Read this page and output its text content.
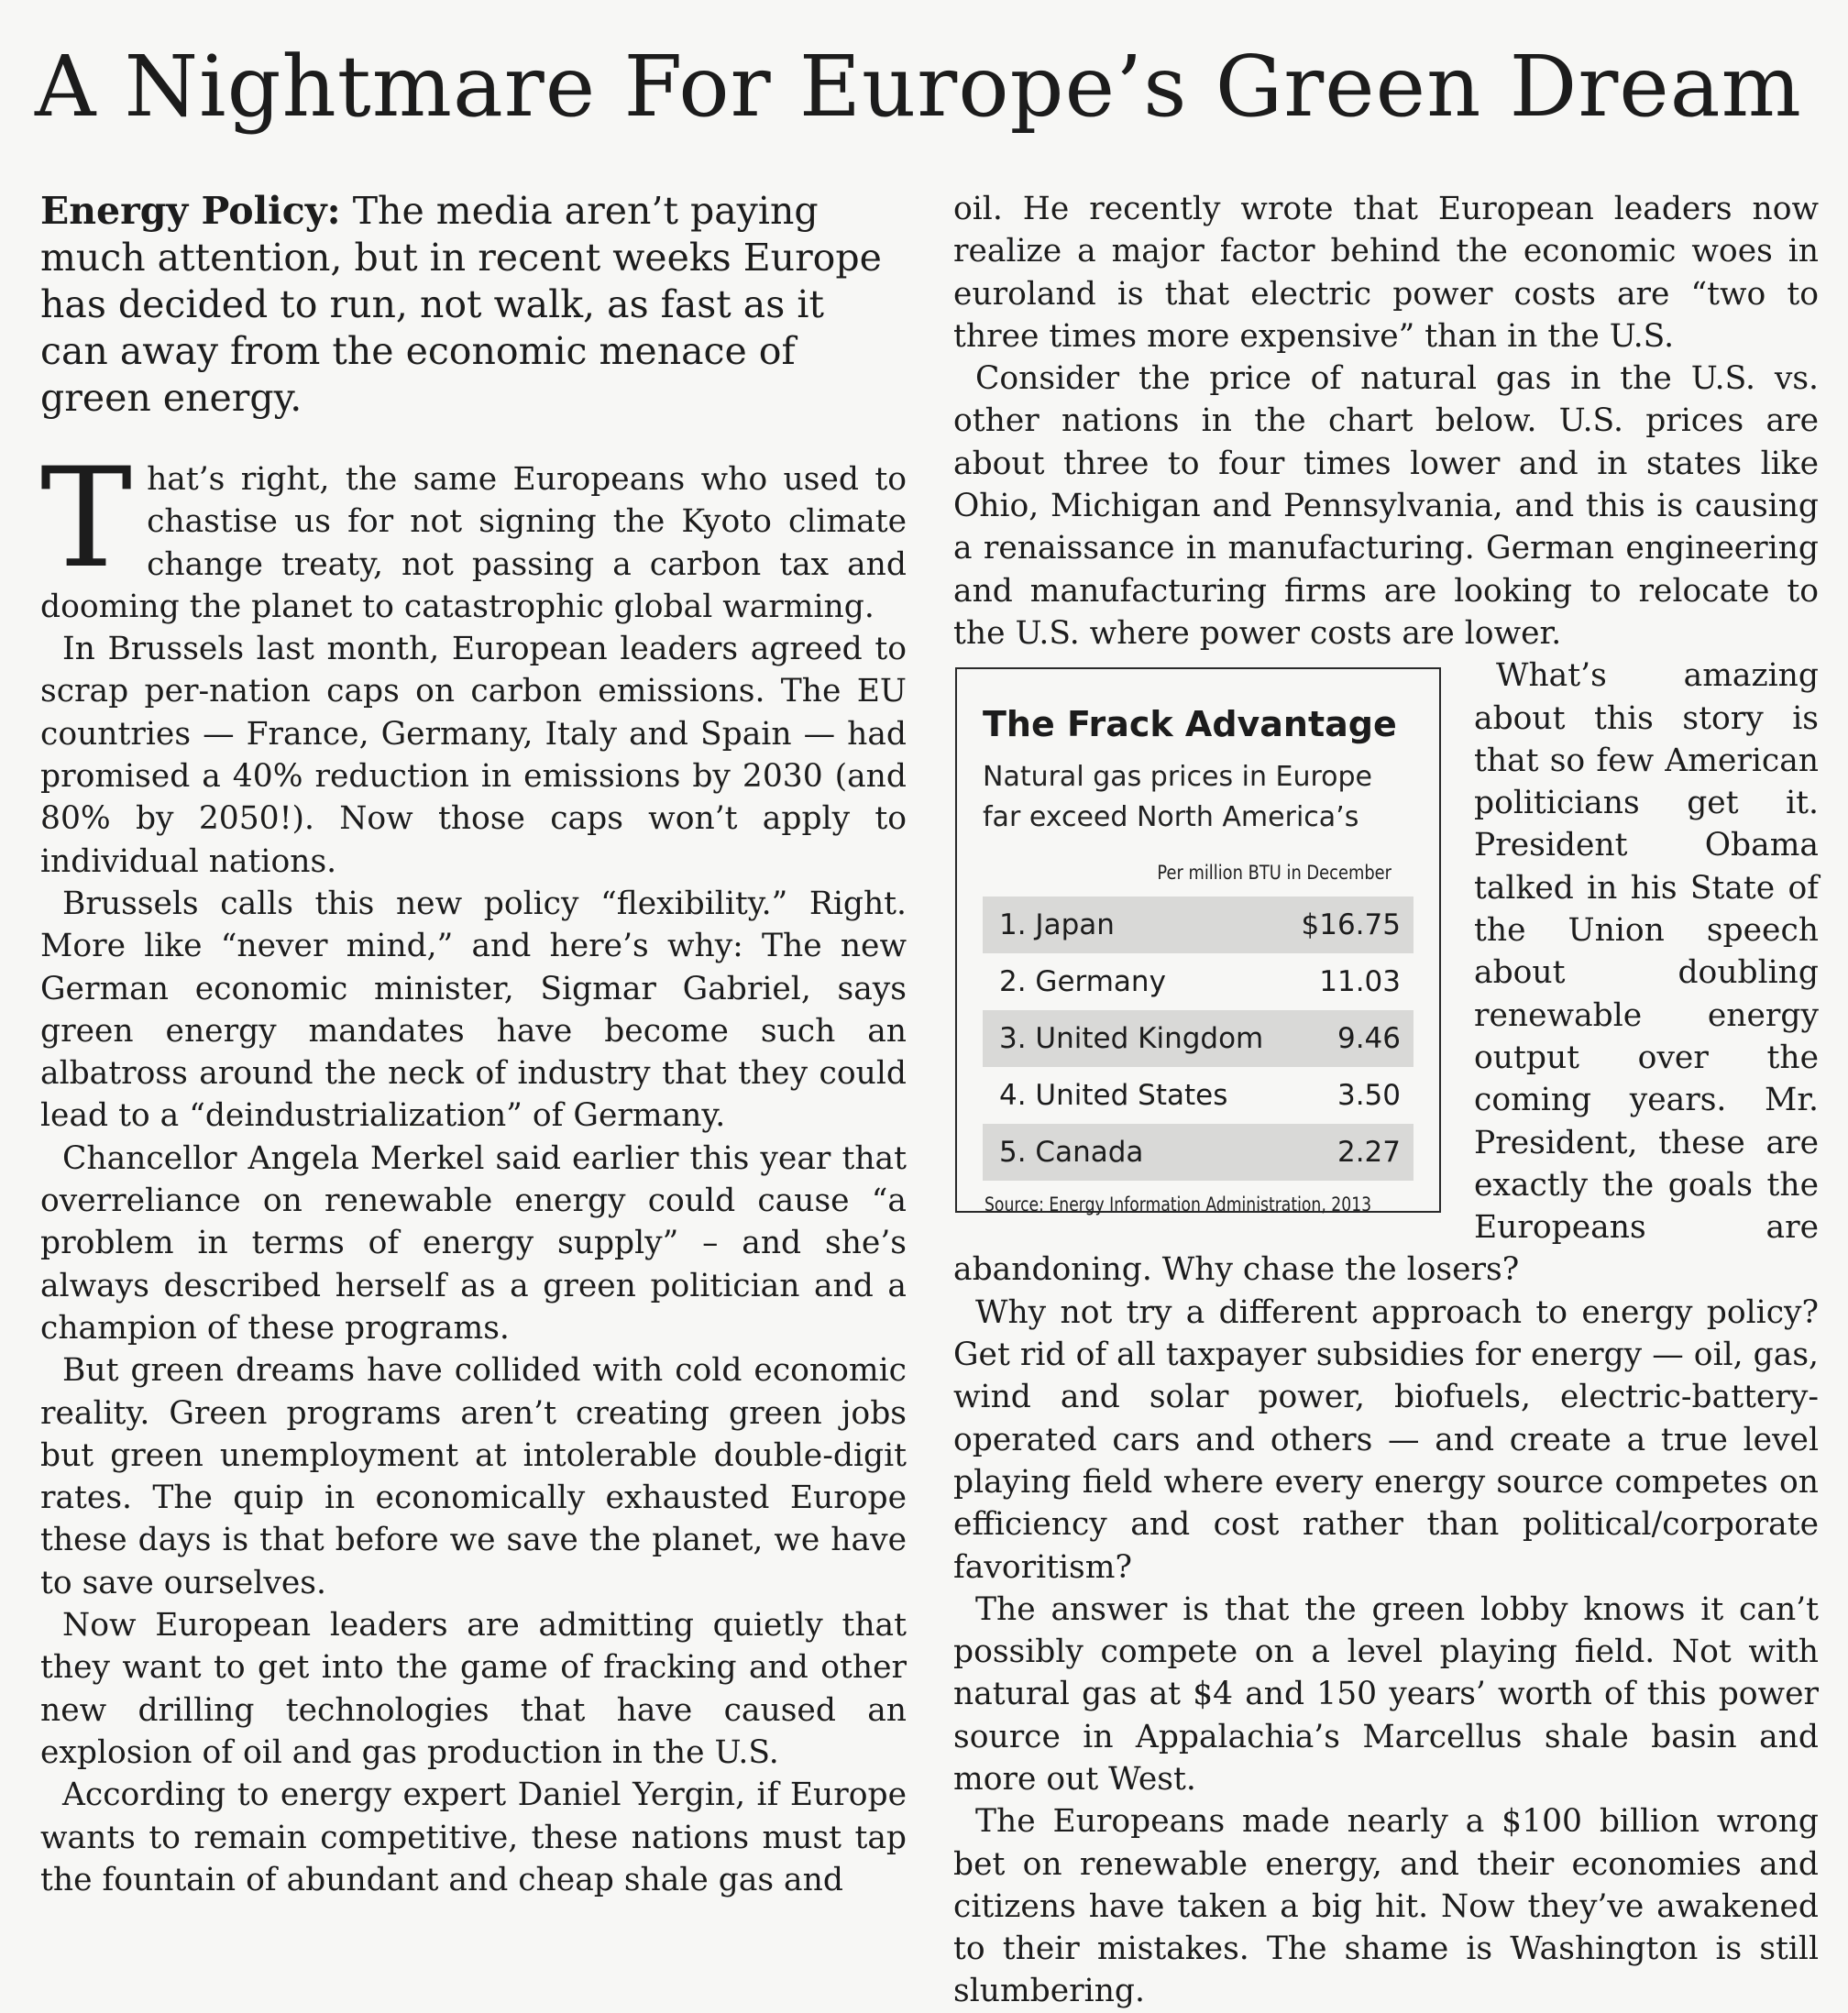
A Nightmare For Europe’s Green Dream
Energy Policy: The media aren’t paying much attention, but in recent weeks Europe has decided to run, not walk, as fast as it can away from the economic menace of green energy.

That’s right, the same Europeans who used to chastise us for not signing the Kyoto climate change treaty, not passing a carbon tax and dooming the planet to catastrophic global warming.

In Brussels last month, European leaders agreed to scrap per-nation caps on carbon emissions. The EU countries — France, Germany, Italy and Spain — had promised a 40% reduction in emissions by 2030 (and 80% by 2050!). Now those caps won’t apply to individual nations.

Brussels calls this new policy “flexibility.” Right. More like “never mind,” and here’s why: The new German economic minister, Sigmar Gabriel, says green energy mandates have become such an albatross around the neck of industry that they could lead to a “deindustrialization” of Germany.

Chancellor Angela Merkel said earlier this year that overreliance on renewable energy could cause “a problem in terms of energy supply” – and she’s always described herself as a green politician and a champion of these programs.

But green dreams have collided with cold economic reality. Green programs aren’t creating green jobs but green unemployment at intolerable double-digit rates. The quip in economically exhausted Europe these days is that before we save the planet, we have to save ourselves.

Now European leaders are admitting quietly that they want to get into the game of fracking and other new drilling technologies that have caused an explosion of oil and gas production in the U.S.

According to energy expert Daniel Yergin, if Europe wants to remain competitive, these nations must tap the fountain of abundant and cheap shale gas and

oil. He recently wrote that European leaders now realize a major factor behind the economic woes in euroland is that electric power costs are “two to three times more expensive” than in the U.S.

Consider the price of natural gas in the U.S. vs. other nations in the chart below. U.S. prices are about three to four times lower and in states like Ohio, Michigan and Pennsylvania, and this is causing a renaissance in manufacturing. German engineering and manufacturing firms are looking to relocate to the U.S. where power costs are lower.

The Frack Advantage
Natural gas prices in Europe
far exceed North America’s
Per million BTU in December
1. Japan	$16.75
2. Germany	11.03
3. United Kingdom	9.46
4. United States	3.50
5. Canada	2.27
Source: Energy Information Administration, 2013

What’s amazing about this story is that so few American politicians get it. President Obama talked in his State of the Union speech about doubling renewable energy output over the coming years. Mr. President, these are exactly the goals the Europeans are abandoning. Why chase the losers?

Why not try a different approach to energy policy? Get rid of all taxpayer subsidies for energy — oil, gas, wind and solar power, biofuels, electric-battery-operated cars and others — and create a true level playing field where every energy source competes on efficiency and cost rather than political/corporate favoritism?

The answer is that the green lobby knows it can’t possibly compete on a level playing field. Not with natural gas at $4 and 150 years’ worth of this power source in Appalachia’s Marcellus shale basin and more out West.

The Europeans made nearly a $100 billion wrong bet on renewable energy, and their economies and citizens have taken a big hit. Now they’ve awakened to their mistakes. The shame is Washington is still slumbering.
